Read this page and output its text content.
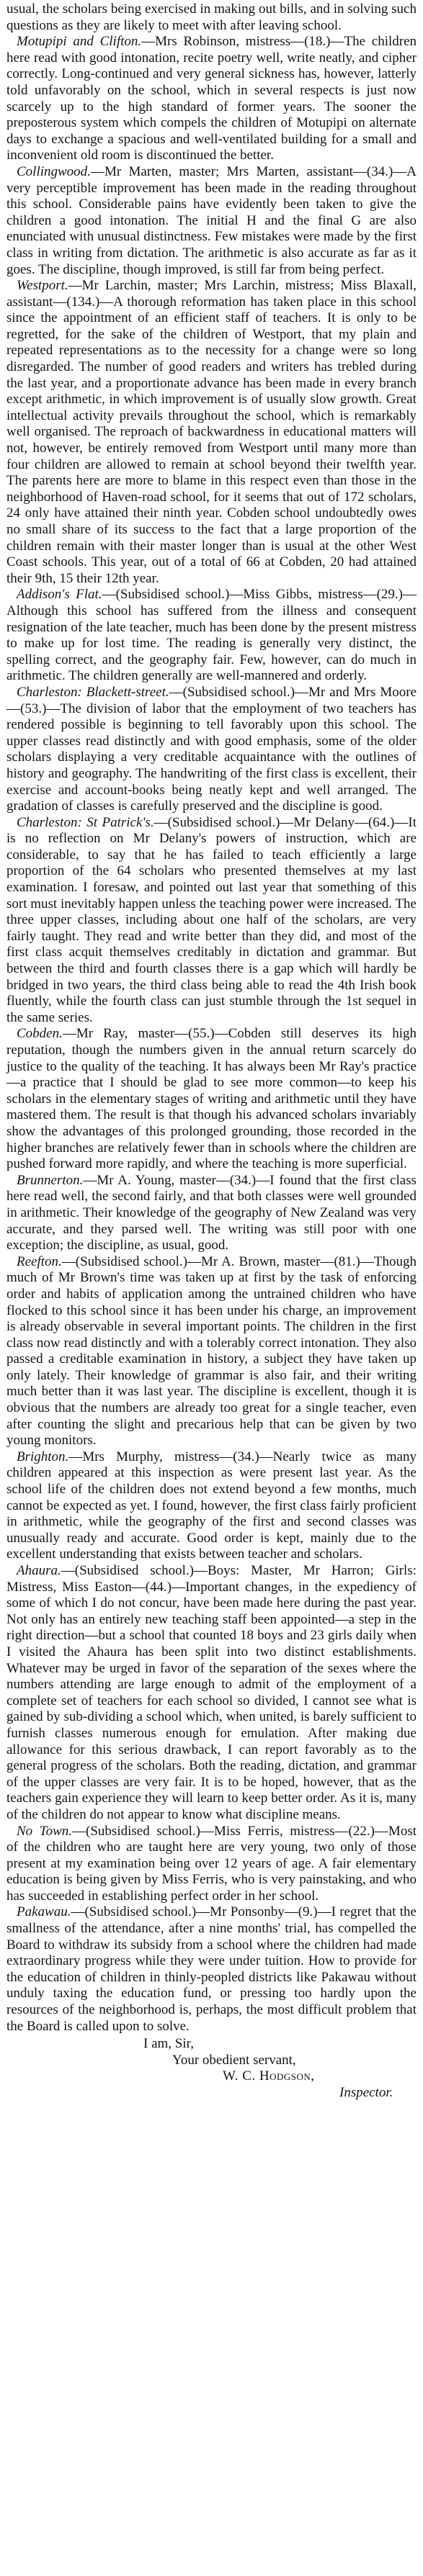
usual, the scholars being exercised in making out bills, and in solving such questions as they are likely to meet with after leaving school.

Motupipi and Clifton.—Mrs Robinson, mistress—(18.)—The children here read with good intonation, recite poetry well, write neatly, and cipher correctly. Long-continued and very general sickness has, however, latterly told unfavorably on the school, which in several respects is just now scarcely up to the high standard of former years. The sooner the preposterous system which compels the children of Motupipi on alternate days to exchange a spacious and well-ventilated building for a small and inconvenient old room is discontinued the better.

Collingwood.—Mr Marten, master; Mrs Marten, assistant—(34.)—A very perceptible improvement has been made in the reading throughout this school. Considerable pains have evidently been taken to give the children a good intonation. The initial H and the final G are also enunciated with unusual distinctness. Few mistakes were made by the first class in writing from dictation. The arithmetic is also accurate as far as it goes. The discipline, though improved, is still far from being perfect.

Westport.—Mr Larchin, master; Mrs Larchin, mistress; Miss Blaxall, assistant—(134.)—A thorough reformation has taken place in this school since the appointment of an efficient staff of teachers. It is only to be regretted, for the sake of the children of Westport, that my plain and repeated representations as to the necessity for a change were so long disregarded. The number of good readers and writers has trebled during the last year, and a proportionate advance has been made in every branch except arithmetic, in which improvement is of usually slow growth. Great intellectual activity prevails throughout the school, which is remarkably well organised. The reproach of backwardness in educational matters will not, however, be entirely removed from Westport until many more than four children are allowed to remain at school beyond their twelfth year. The parents here are more to blame in this respect even than those in the neighborhood of Haven-road school, for it seems that out of 172 scholars, 24 only have attained their ninth year. Cobden school undoubtedly owes no small share of its success to the fact that a large proportion of the children remain with their master longer than is usual at the other West Coast schools. This year, out of a total of 66 at Cobden, 20 had attained their 9th, 15 their 12th year.

Addison's Flat.—(Subsidised school.)—Miss Gibbs, mistress—(29.)—Although this school has suffered from the illness and consequent resignation of the late teacher, much has been done by the present mistress to make up for lost time. The reading is generally very distinct, the spelling correct, and the geography fair. Few, however, can do much in arithmetic. The children generally are well-mannered and orderly.

Charleston: Blackett-street.—(Subsidised school.)—Mr and Mrs Moore—(53.)—The division of labor that the employment of two teachers has rendered possible is beginning to tell favorably upon this school. The upper classes read distinctly and with good emphasis, some of the older scholars displaying a very creditable acquaintance with the outlines of history and geography. The handwriting of the first class is excellent, their exercise and account-books being neatly kept and well arranged. The gradation of classes is carefully preserved and the discipline is good.

Charleston: St Patrick's.—(Subsidised school.)—Mr Delany—(64.)—It is no reflection on Mr Delany's powers of instruction, which are considerable, to say that he has failed to teach efficiently a large proportion of the 64 scholars who presented themselves at my last examination. I foresaw, and pointed out last year that something of this sort must inevitably happen unless the teaching power were increased. The three upper classes, including about one half of the scholars, are very fairly taught. They read and write better than they did, and most of the first class acquit themselves creditably in dictation and grammar. But between the third and fourth classes there is a gap which will hardly be bridged in two years, the third class being able to read the 4th Irish book fluently, while the fourth class can just stumble through the 1st sequel in the same series.

Cobden.—Mr Ray, master—(55.)—Cobden still deserves its high reputation, though the numbers given in the annual return scarcely do justice to the quality of the teaching. It has always been Mr Ray's practice—a practice that I should be glad to see more common—to keep his scholars in the elementary stages of writing and arithmetic until they have mastered them. The result is that though his advanced scholars invariably show the advantages of this prolonged grounding, those recorded in the higher branches are relatively fewer than in schools where the children are pushed forward more rapidly, and where the teaching is more superficial.

Brunnerton.—Mr A. Young, master—(34.)—I found that the first class here read well, the second fairly, and that both classes were well grounded in arithmetic. Their knowledge of the geography of New Zealand was very accurate, and they parsed well. The writing was still poor with one exception; the discipline, as usual, good.

Reefton.—(Subsidised school.)—Mr A. Brown, master—(81.)—Though much of Mr Brown's time was taken up at first by the task of enforcing order and habits of application among the untrained children who have flocked to this school since it has been under his charge, an improvement is already observable in several important points. The children in the first class now read distinctly and with a tolerably correct intonation. They also passed a creditable examination in history, a subject they have taken up only lately. Their knowledge of grammar is also fair, and their writing much better than it was last year. The discipline is excellent, though it is obvious that the numbers are already too great for a single teacher, even after counting the slight and precarious help that can be given by two young monitors.

Brighton.—Mrs Murphy, mistress—(34.)—Nearly twice as many children appeared at this inspection as were present last year. As the school life of the children does not extend beyond a few months, much cannot be expected as yet. I found, however, the first class fairly proficient in arithmetic, while the geography of the first and second classes was unusually ready and accurate. Good order is kept, mainly due to the excellent understanding that exists between teacher and scholars.

Ahaura.—(Subsidised school.)—Boys: Master, Mr Harron; Girls: Mistress, Miss Easton—(44.)—Important changes, in the expediency of some of which I do not concur, have been made here during the past year. Not only has an entirely new teaching staff been appointed—a step in the right direction—but a school that counted 18 boys and 23 girls daily when I visited the Ahaura has been split into two distinct establishments. Whatever may be urged in favor of the separation of the sexes where the numbers attending are large enough to admit of the employment of a complete set of teachers for each school so divided, I cannot see what is gained by sub-dividing a school which, when united, is barely sufficient to furnish classes numerous enough for emulation. After making due allowance for this serious drawback, I can report favorably as to the general progress of the scholars. Both the reading, dictation, and grammar of the upper classes are very fair. It is to be hoped, however, that as the teachers gain experience they will learn to keep better order. As it is, many of the children do not appear to know what discipline means.

No Town.—(Subsidised school.)—Miss Ferris, mistress—(22.)—Most of the children who are taught here are very young, two only of those present at my examination being over 12 years of age. A fair elementary education is being given by Miss Ferris, who is very painstaking, and who has succeeded in establishing perfect order in her school.

Pakawau.—(Subsidised school.)—Mr Ponsonby—(9.)—I regret that the smallness of the attendance, after a nine months' trial, has compelled the Board to withdraw its subsidy from a school where the children had made extraordinary progress while they were under tuition. How to provide for the education of children in thinly-peopled districts like Pakawau without unduly taxing the education fund, or pressing too hardly upon the resources of the neighborhood is, perhaps, the most difficult problem that the Board is called upon to solve.

I am, Sir,
Your obedient servant,
W. C. Hodgson,
Inspector.
